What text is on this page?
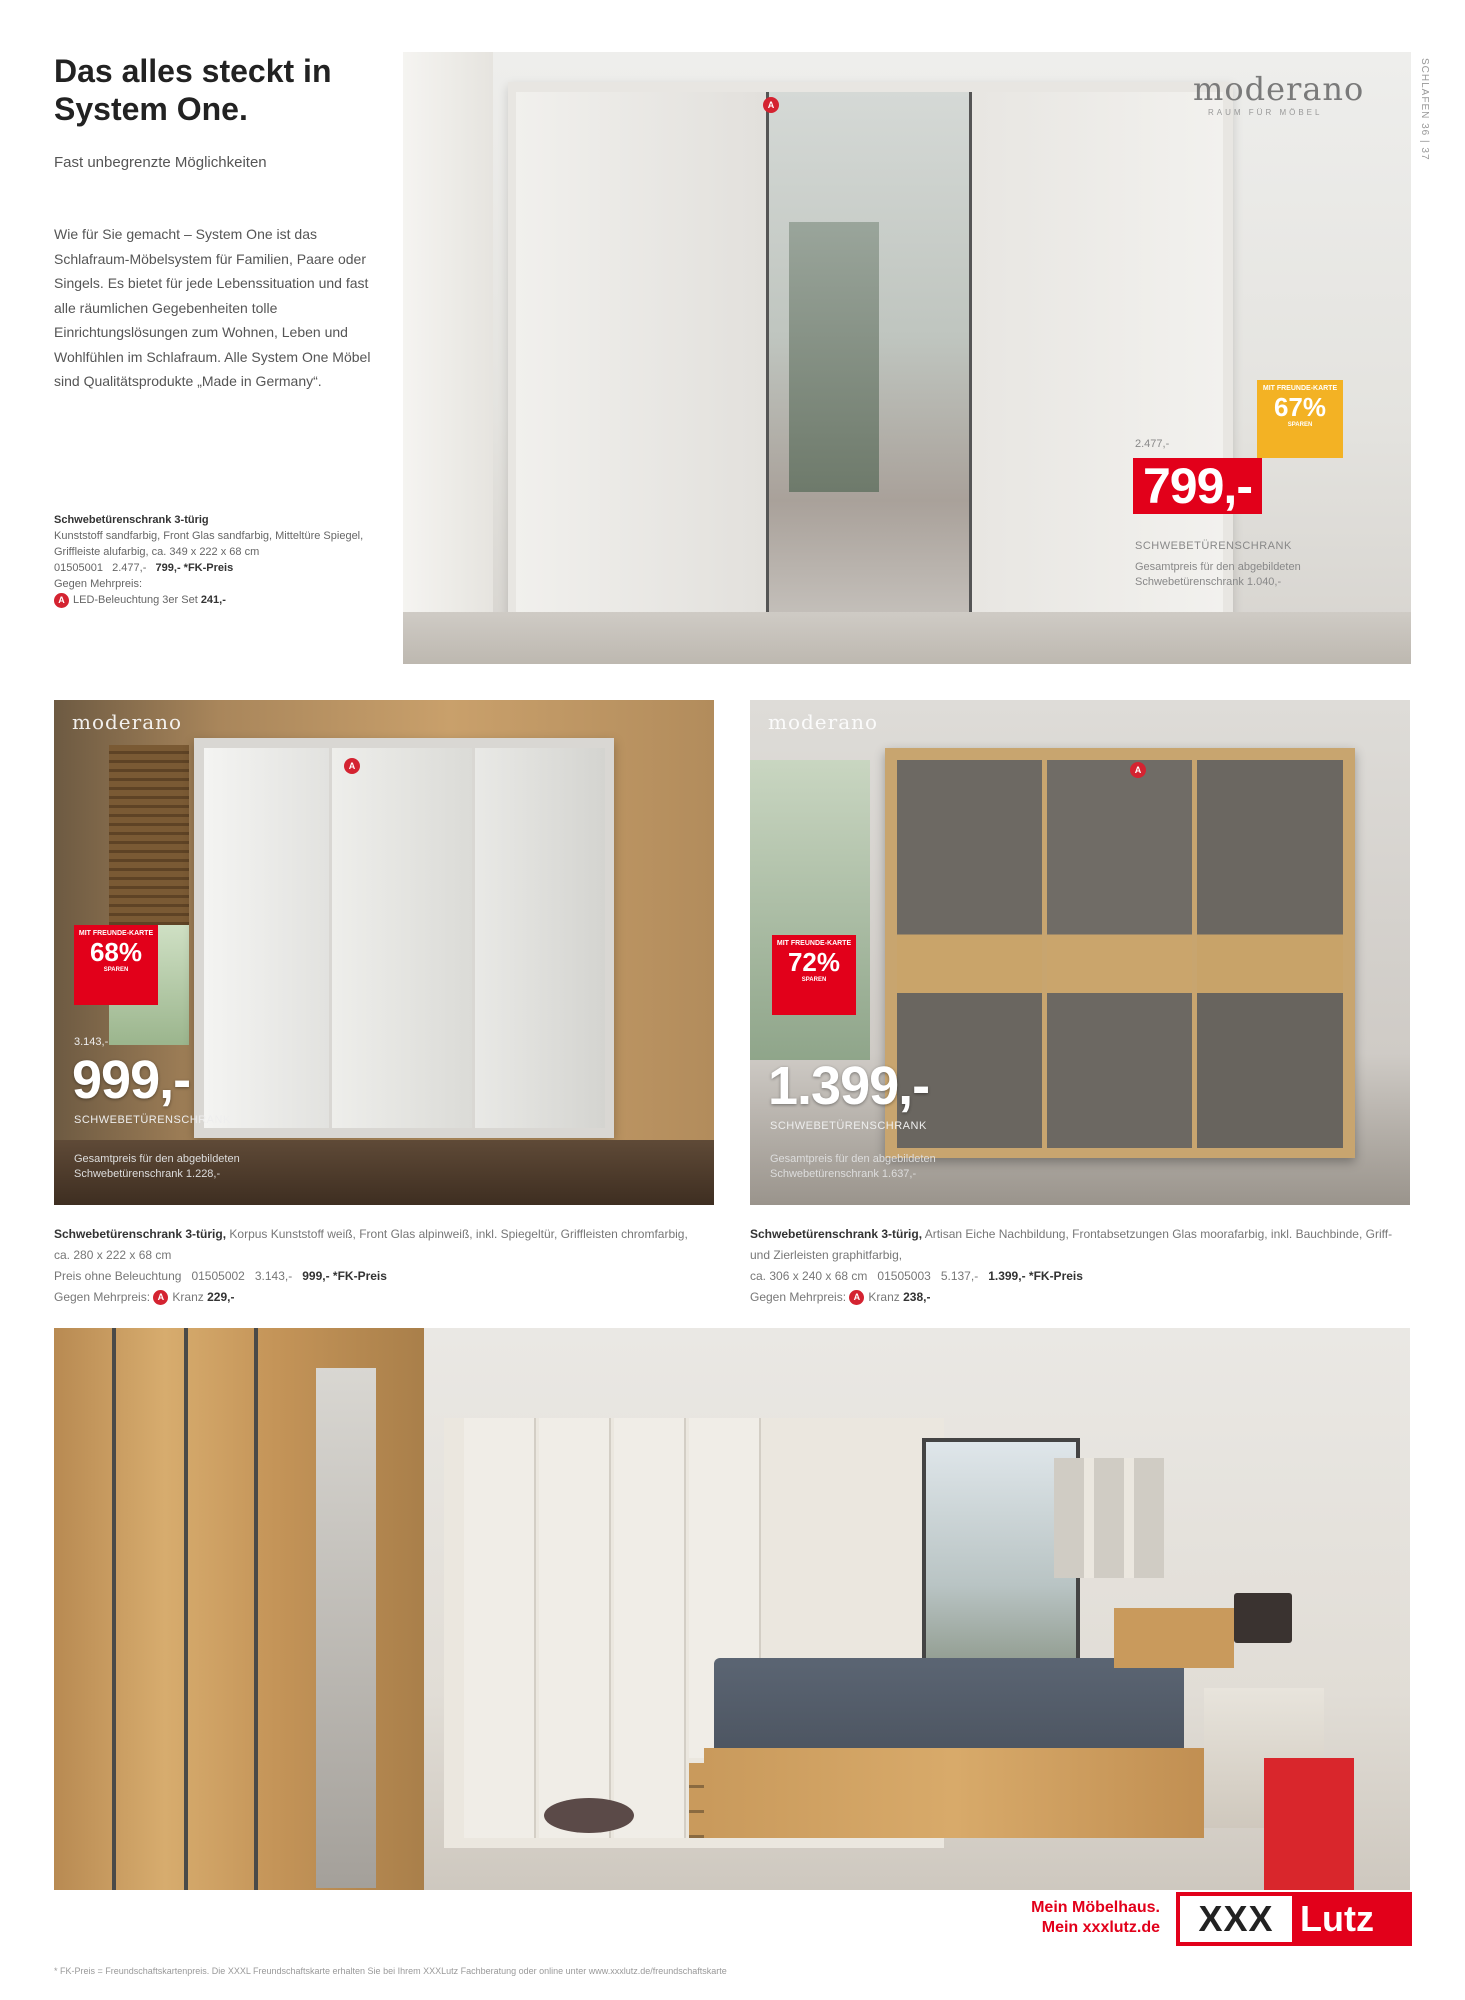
Das alles steckt in
System One.
Fast unbegrenzte Möglichkeiten
Wie für Sie gemacht – System One ist das Schlafraum-Möbelsystem für Familien, Paare oder Singels. Es bietet für jede Lebenssituation und fast alle räumlichen Gegebenheiten tolle Einrichtungslösungen zum Wohnen, Leben und Wohlfühlen im Schlafraum. Alle System One Möbel sind Qualitätsprodukte „Made in Germany“.
Schwebetürenschrank 3-türig
Kunststoff sandfarbig, Front Glas sandfarbig, Mitteltüre Spiegel, Griffleiste alufarbig, ca. 349 x 222 x 68 cm
01505001 2.477,- 799,- *FK-Preis
Gegen Mehrpreis:
A LED-Beleuchtung 3er Set 241,-
SCHLAFEN 36 | 37
A	moderano
RAUM FÜR MÖBEL
MIT FREUNDE-KARTE
67%
SPAREN
2.477,-
799,-
SCHWEBETÜRENSCHRANK
Gesamtpreis für den abgebildeten Schwebetürenschrank 1.040,-
A
moderano
MIT FREUNDE-KARTE
68%
SPAREN
3.143,-
999,-
SCHWEBETÜRENSCHRANK
Gesamtpreis für den abgebildeten Schwebetürenschrank 1.228,-
A
moderano
MIT FREUNDE-KARTE
72%
SPAREN
1.399,-
SCHWEBETÜRENSCHRANK
Gesamtpreis für den abgebildeten Schwebetürenschrank 1.637,-
Schwebetürenschrank 3-türig, Korpus Kunststoff weiß, Front Glas alpinweiß, inkl. Spiegeltür, Griffleisten chromfarbig, ca. 280 x 222 x 68 cm
Preis ohne Beleuchtung 01505002 3.143,- 999,- *FK-Preis
Gegen Mehrpreis: A Kranz 229,-
Schwebetürenschrank 3-türig, Artisan Eiche Nachbildung, Frontabsetzungen Glas moorafarbig, inkl. Bauchbinde, Griff- und Zierleisten graphitfarbig,
ca. 306 x 240 x 68 cm 01505003 5.137,- 1.399,- *FK-Preis
Gegen Mehrpreis: A Kranz 238,-
Mein Möbelhaus.
Mein xxxlutz.de	XXX Lutz
* FK-Preis = Freundschaftskartenpreis. Die XXXL Freundschaftskarte erhalten Sie bei Ihrem XXXLutz Fachberatung oder online unter www.xxxlutz.de/freundschaftskarte
